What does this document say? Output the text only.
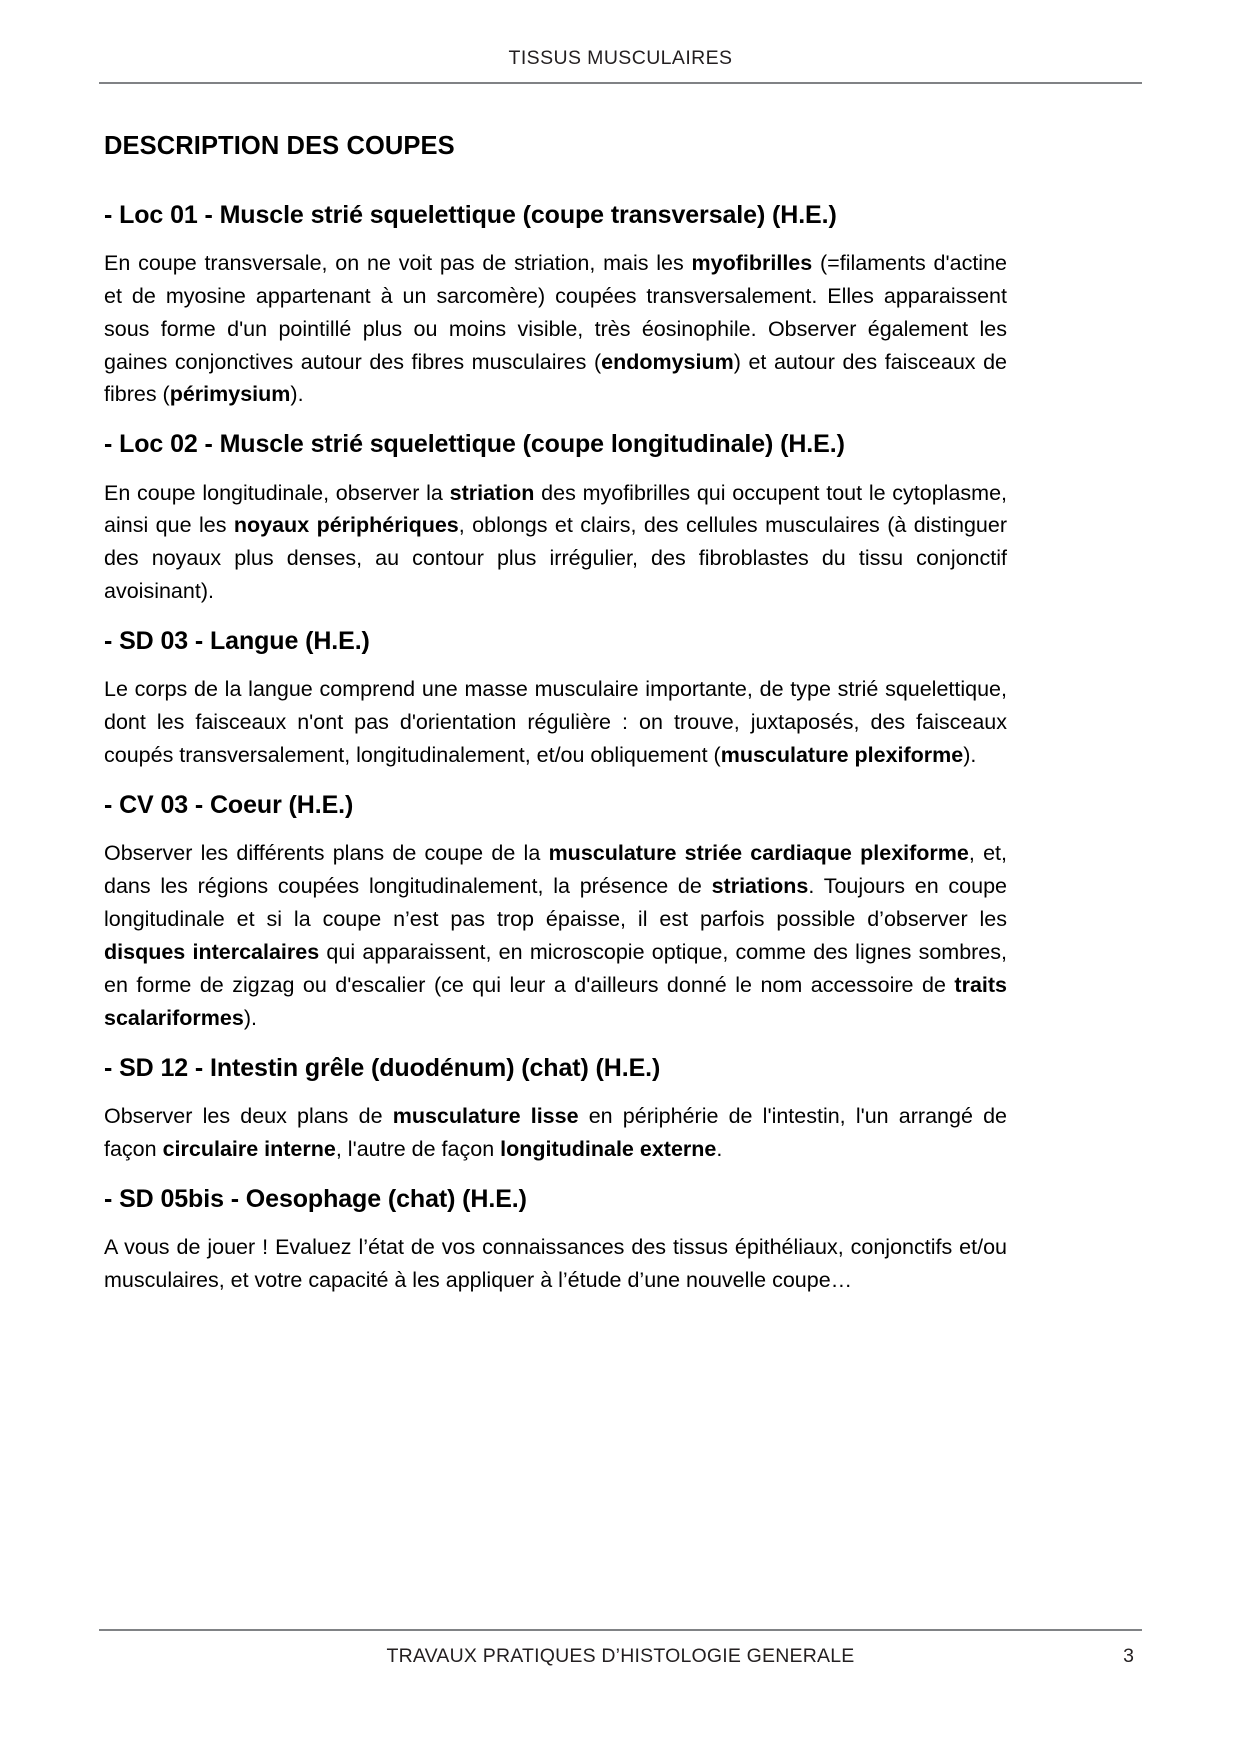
TISSUS MUSCULAIRES
DESCRIPTION DES COUPES
- Loc 01 - Muscle strié squelettique (coupe transversale) (H.E.)

En coupe transversale, on ne voit pas de striation, mais les myofibrilles (=filaments d'actine et de myosine appartenant à un sarcomère) coupées transversalement. Elles apparaissent sous forme d'un pointillé plus ou moins visible, très éosinophile. Observer également les gaines conjonctives autour des fibres musculaires (endomysium) et autour des faisceaux de fibres (périmysium).

- Loc 02 - Muscle strié squelettique (coupe longitudinale) (H.E.)

En coupe longitudinale, observer la striation des myofibrilles qui occupent tout le cytoplasme, ainsi que les noyaux périphériques, oblongs et clairs, des cellules musculaires (à distinguer des noyaux plus denses, au contour plus irrégulier, des fibroblastes du tissu conjonctif avoisinant).

- SD 03 - Langue (H.E.)

Le corps de la langue comprend une masse musculaire importante, de type strié squelettique, dont les faisceaux n'ont pas d'orientation régulière : on trouve, juxtaposés, des faisceaux coupés transversalement, longitudinalement, et/ou obliquement (musculature plexiforme).

- CV 03 - Coeur (H.E.)

Observer les différents plans de coupe de la musculature striée cardiaque plexiforme, et, dans les régions coupées longitudinalement, la présence de striations. Toujours en coupe longitudinale et si la coupe n’est pas trop épaisse, il est parfois possible d’observer les disques intercalaires qui apparaissent, en microscopie optique, comme des lignes sombres, en forme de zigzag ou d'escalier (ce qui leur a d'ailleurs donné le nom accessoire de traits scalariformes).

- SD 12 - Intestin grêle (duodénum) (chat) (H.E.)

Observer les deux plans de musculature lisse en périphérie de l'intestin, l'un arrangé de façon circulaire interne, l'autre de façon longitudinale externe.

- SD 05bis - Oesophage (chat) (H.E.)

A vous de jouer ! Evaluez l’état de vos connaissances des tissus épithéliaux, conjonctifs et/ou musculaires, et votre capacité à les appliquer à l’étude d’une nouvelle coupe…

TRAVAUX PRATIQUES D’HISTOLOGIE GENERALE	3
